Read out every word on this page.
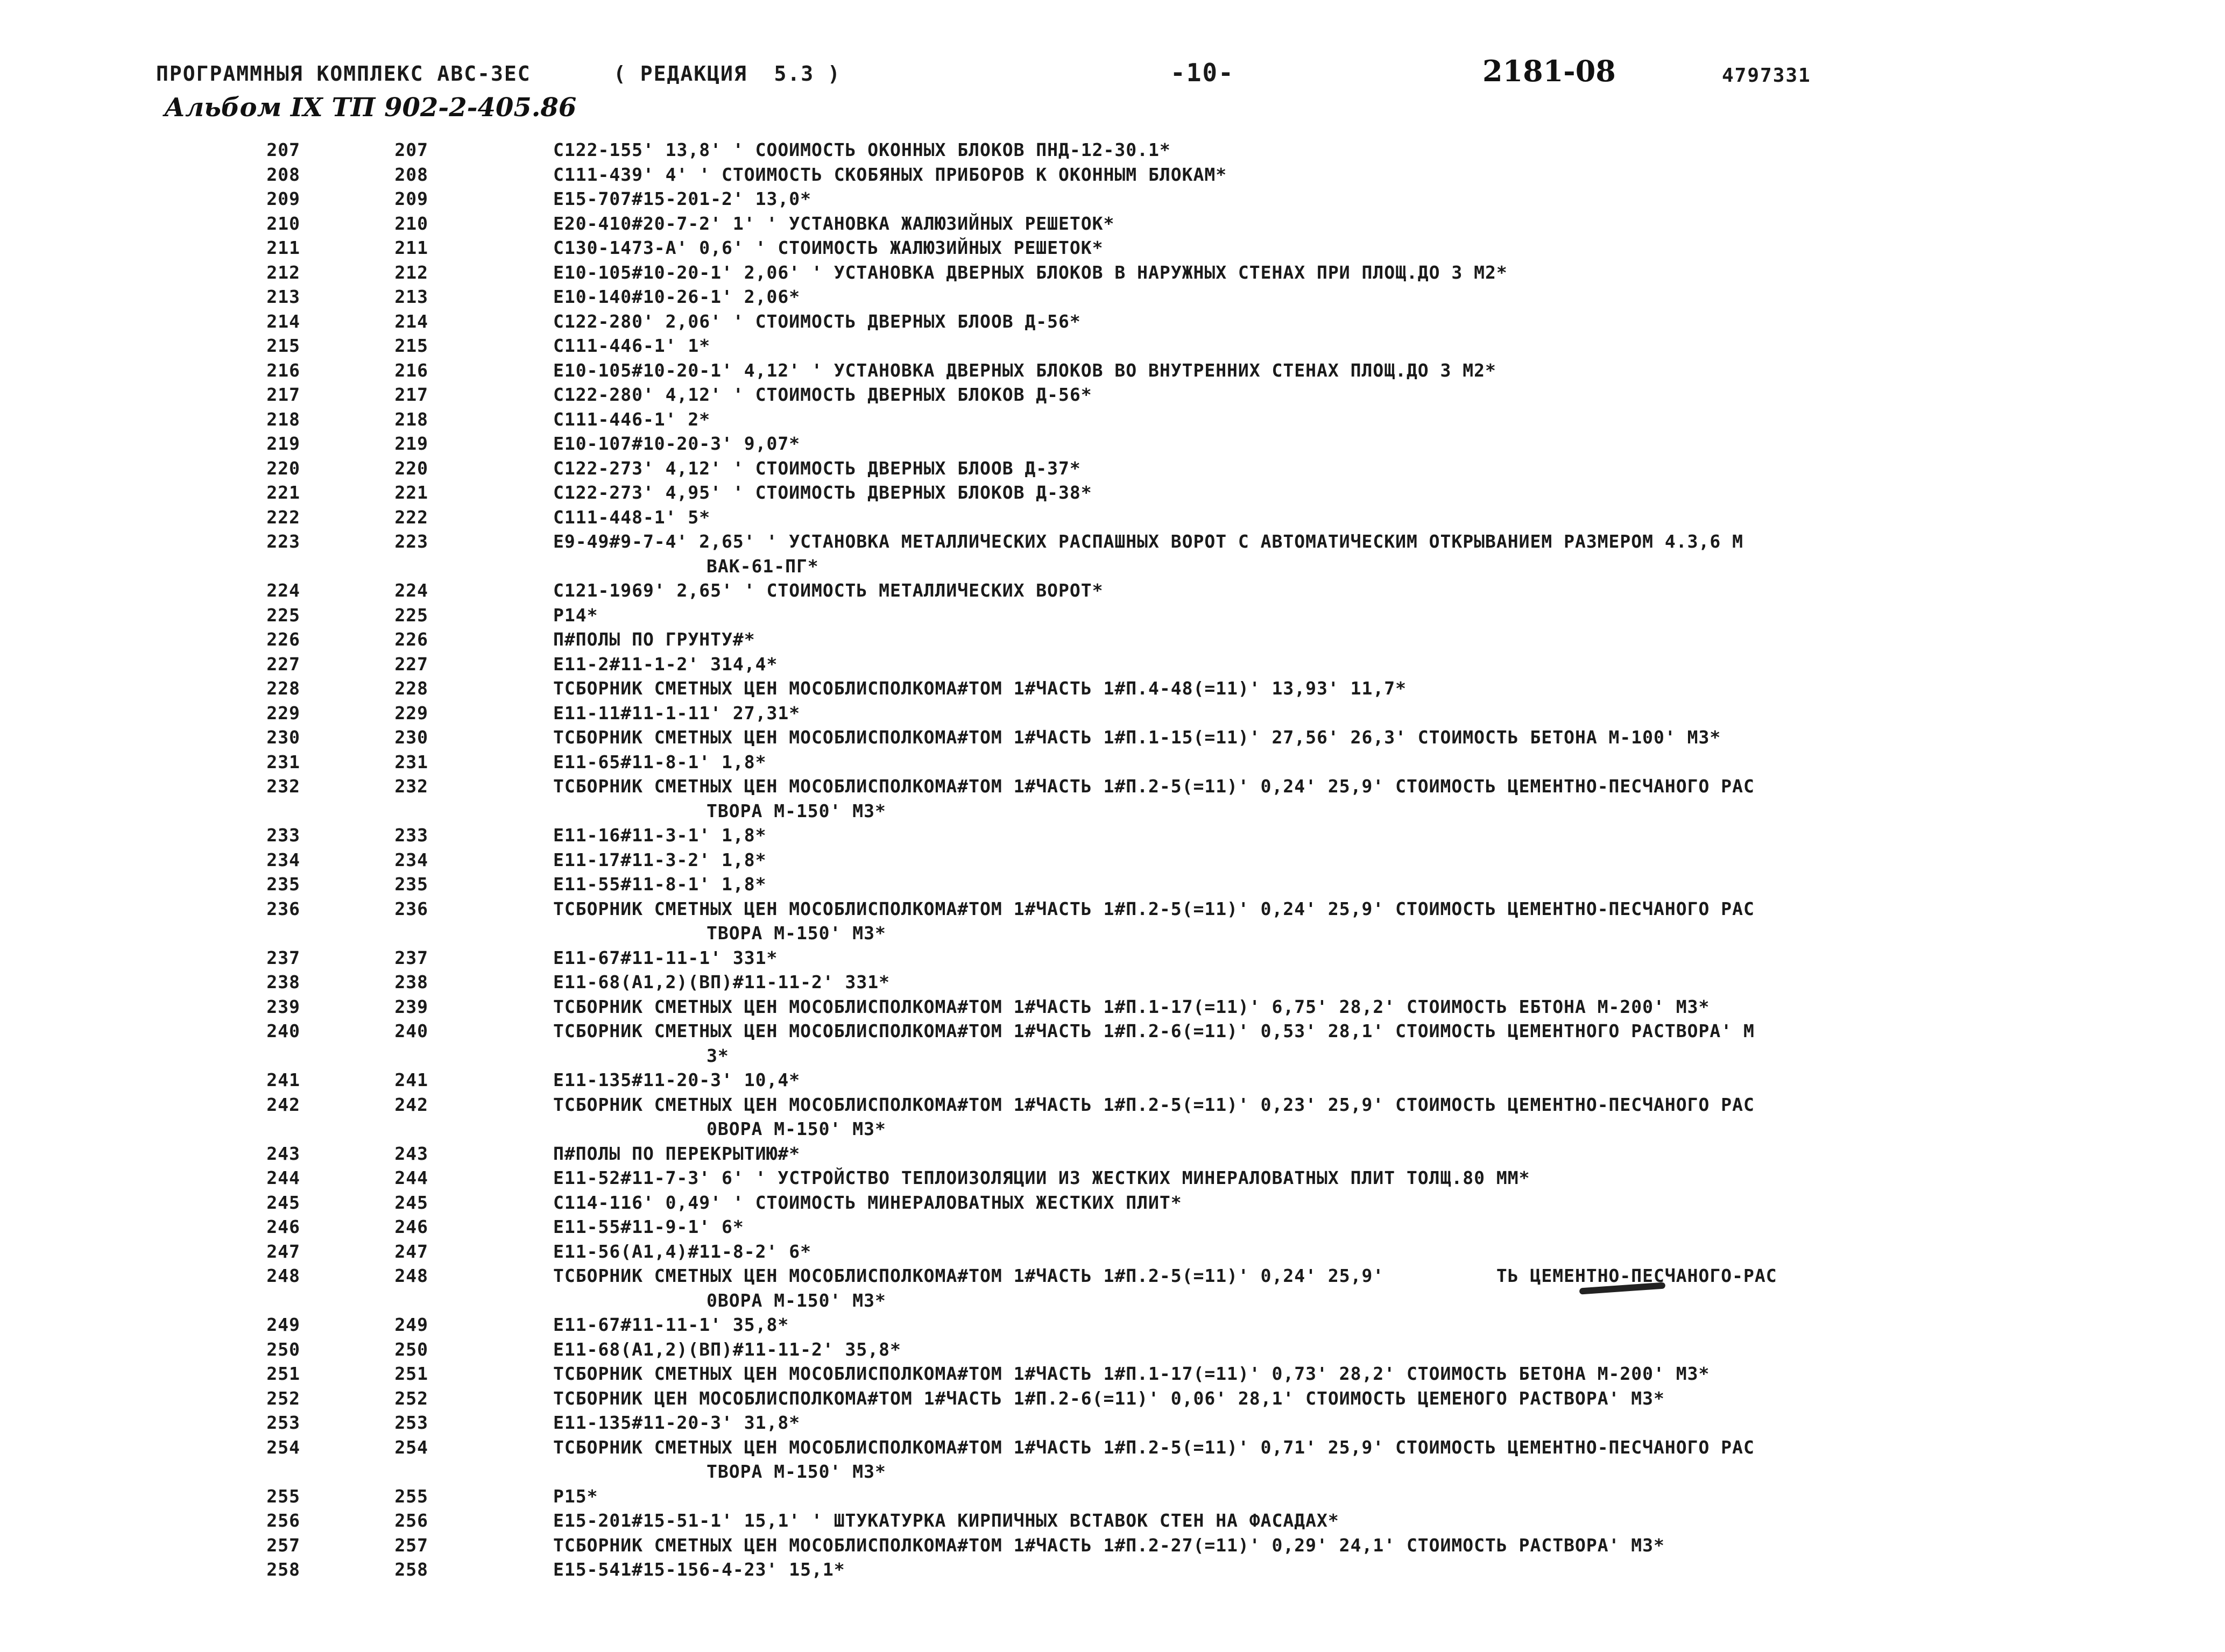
ПРОГРАММНЫЯ КОМПЛЕКС АВС-3ЕС	( РЕДАКЦИЯ  5.3 )	-10-	2181-08	4797331
Альбом IX ТП 902-2-405.86
207	207	С122-155' 13,8' ' СООИМОСТЬ ОКОННЫХ БЛОКОВ ПНД-12-30.1*
208	208	С111-439' 4' ' СТОИМОСТЬ СКОБЯНЫХ ПРИБОРОВ К ОКОННЫМ БЛОКАМ*
209	209	Е15-707#15-201-2' 13,0*
210	210	Е20-410#20-7-2' 1' ' УСТАНОВКА ЖАЛЮЗИЙНЫХ РЕШЕТОК*
211	211	С130-1473-А' 0,6' ' СТОИМОСТЬ ЖАЛЮЗИЙНЫХ РЕШЕТОК*
212	212	Е10-105#10-20-1' 2,06' ' УСТАНОВКА ДВЕРНЫХ БЛОКОВ В НАРУЖНЫХ СТЕНАХ ПРИ ПЛОЩ.ДО 3 М2*
213	213	Е10-140#10-26-1' 2,06*
214	214	С122-280' 2,06' ' СТОИМОСТЬ ДВЕРНЫХ БЛООВ Д-56*
215	215	С111-446-1' 1*
216	216	Е10-105#10-20-1' 4,12' ' УСТАНОВКА ДВЕРНЫХ БЛОКОВ ВО ВНУТРЕННИХ СТЕНАХ ПЛОЩ.ДО 3 М2*
217	217	С122-280' 4,12' ' СТОИМОСТЬ ДВЕРНЫХ БЛОКОВ Д-56*
218	218	С111-446-1' 2*
219	219	Е10-107#10-20-3' 9,07*
220	220	С122-273' 4,12' ' СТОИМОСТЬ ДВЕРНЫХ БЛООВ Д-37*
221	221	С122-273' 4,95' ' СТОИМОСТЬ ДВЕРНЫХ БЛОКОВ Д-38*
222	222	С111-448-1' 5*
223	223	Е9-49#9-7-4' 2,65' ' УСТАНОВКА МЕТАЛЛИЧЕСКИХ РАСПАШНЫХ ВОРОТ С АВТОМАТИЧЕСКИМ ОТКРЫВАНИЕМ РАЗМЕРОМ 4.3,6 М
ВАК-61-ПГ*
224	224	С121-1969' 2,65' ' СТОИМОСТЬ МЕТАЛЛИЧЕСКИХ ВОРОТ*
225	225	Р14*
226	226	П#ПОЛЫ ПО ГРУНТУ#*
227	227	Е11-2#11-1-2' 314,4*
228	228	ТСБОРНИК СМЕТНЫХ ЦЕН МОСОБЛИСПОЛКОМА#ТОМ 1#ЧАСТЬ 1#П.4-48(=11)' 13,93' 11,7*
229	229	Е11-11#11-1-11' 27,31*
230	230	ТСБОРНИК СМЕТНЫХ ЦЕН МОСОБЛИСПОЛКОМА#ТОМ 1#ЧАСТЬ 1#П.1-15(=11)' 27,56' 26,3' СТОИМОСТЬ БЕТОНА М-100' М3*
231	231	Е11-65#11-8-1' 1,8*
232	232	ТСБОРНИК СМЕТНЫХ ЦЕН МОСОБЛИСПОЛКОМА#ТОМ 1#ЧАСТЬ 1#П.2-5(=11)' 0,24' 25,9' СТОИМОСТЬ ЦЕМЕНТНО-ПЕСЧАНОГО РАС
ТВОРА М-150' М3*
233	233	Е11-16#11-3-1' 1,8*
234	234	Е11-17#11-3-2' 1,8*
235	235	Е11-55#11-8-1' 1,8*
236	236	ТСБОРНИК СМЕТНЫХ ЦЕН МОСОБЛИСПОЛКОМА#ТОМ 1#ЧАСТЬ 1#П.2-5(=11)' 0,24' 25,9' СТОИМОСТЬ ЦЕМЕНТНО-ПЕСЧАНОГО РАС
ТВОРА М-150' М3*
237	237	Е11-67#11-11-1' 331*
238	238	Е11-68(А1,2)(ВП)#11-11-2' 331*
239	239	ТСБОРНИК СМЕТНЫХ ЦЕН МОСОБЛИСПОЛКОМА#ТОМ 1#ЧАСТЬ 1#П.1-17(=11)' 6,75' 28,2' СТОИМОСТЬ ЕБТОНА М-200' М3*
240	240	ТСБОРНИК СМЕТНЫХ ЦЕН МОСОБЛИСПОЛКОМА#ТОМ 1#ЧАСТЬ 1#П.2-6(=11)' 0,53' 28,1' СТОИМОСТЬ ЦЕМЕНТНОГО РАСТВОРА' М
3*
241	241	Е11-135#11-20-3' 10,4*
242	242	ТСБОРНИК СМЕТНЫХ ЦЕН МОСОБЛИСПОЛКОМА#ТОМ 1#ЧАСТЬ 1#П.2-5(=11)' 0,23' 25,9' СТОИМОСТЬ ЦЕМЕНТНО-ПЕСЧАНОГО РАС
0ВОРА М-150' М3*
243	243	П#ПОЛЫ ПО ПЕРЕКРЫТИЮ#*
244	244	Е11-52#11-7-3' 6' ' УСТРОЙСТВО ТЕПЛОИЗОЛЯЦИИ ИЗ ЖЕСТКИХ МИНЕРАЛОВАТНЫХ ПЛИТ ТОЛЩ.80 ММ*
245	245	С114-116' 0,49' ' СТОИМОСТЬ МИНЕРАЛОВАТНЫХ ЖЕСТКИХ ПЛИТ*
246	246	Е11-55#11-9-1' 6*
247	247	Е11-56(А1,4)#11-8-2' 6*
248	248	ТСБОРНИК СМЕТНЫХ ЦЕН МОСОБЛИСПОЛКОМА#ТОМ 1#ЧАСТЬ 1#П.2-5(=11)' 0,24' 25,9'          ТЬ ЦЕМЕНТНО-ПЕСЧАНОГО-РАС
0ВОРА М-150' М3*
249	249	Е11-67#11-11-1' 35,8*
250	250	Е11-68(А1,2)(ВП)#11-11-2' 35,8*
251	251	ТСБОРНИК СМЕТНЫХ ЦЕН МОСОБЛИСПОЛКОМА#ТОМ 1#ЧАСТЬ 1#П.1-17(=11)' 0,73' 28,2' СТОИМОСТЬ БЕТОНА М-200' М3*
252	252	ТСБОРНИК ЦЕН МОСОБЛИСПОЛКОМА#ТОМ 1#ЧАСТЬ 1#П.2-6(=11)' 0,06' 28,1' СТОИМОСТЬ ЦЕМЕНОГО РАСТВОРА' М3*
253	253	Е11-135#11-20-3' 31,8*
254	254	ТСБОРНИК СМЕТНЫХ ЦЕН МОСОБЛИСПОЛКОМА#ТОМ 1#ЧАСТЬ 1#П.2-5(=11)' 0,71' 25,9' СТОИМОСТЬ ЦЕМЕНТНО-ПЕСЧАНОГО РАС
ТВОРА М-150' М3*
255	255	Р15*
256	256	Е15-201#15-51-1' 15,1' ' ШТУКАТУРКА КИРПИЧНЫХ ВСТАВОК СТЕН НА ФАСАДАХ*
257	257	ТСБОРНИК СМЕТНЫХ ЦЕН МОСОБЛИСПОЛКОМА#ТОМ 1#ЧАСТЬ 1#П.2-27(=11)' 0,29' 24,1' СТОИМОСТЬ РАСТВОРА' М3*
258	258	Е15-541#15-156-4-23' 15,1*
